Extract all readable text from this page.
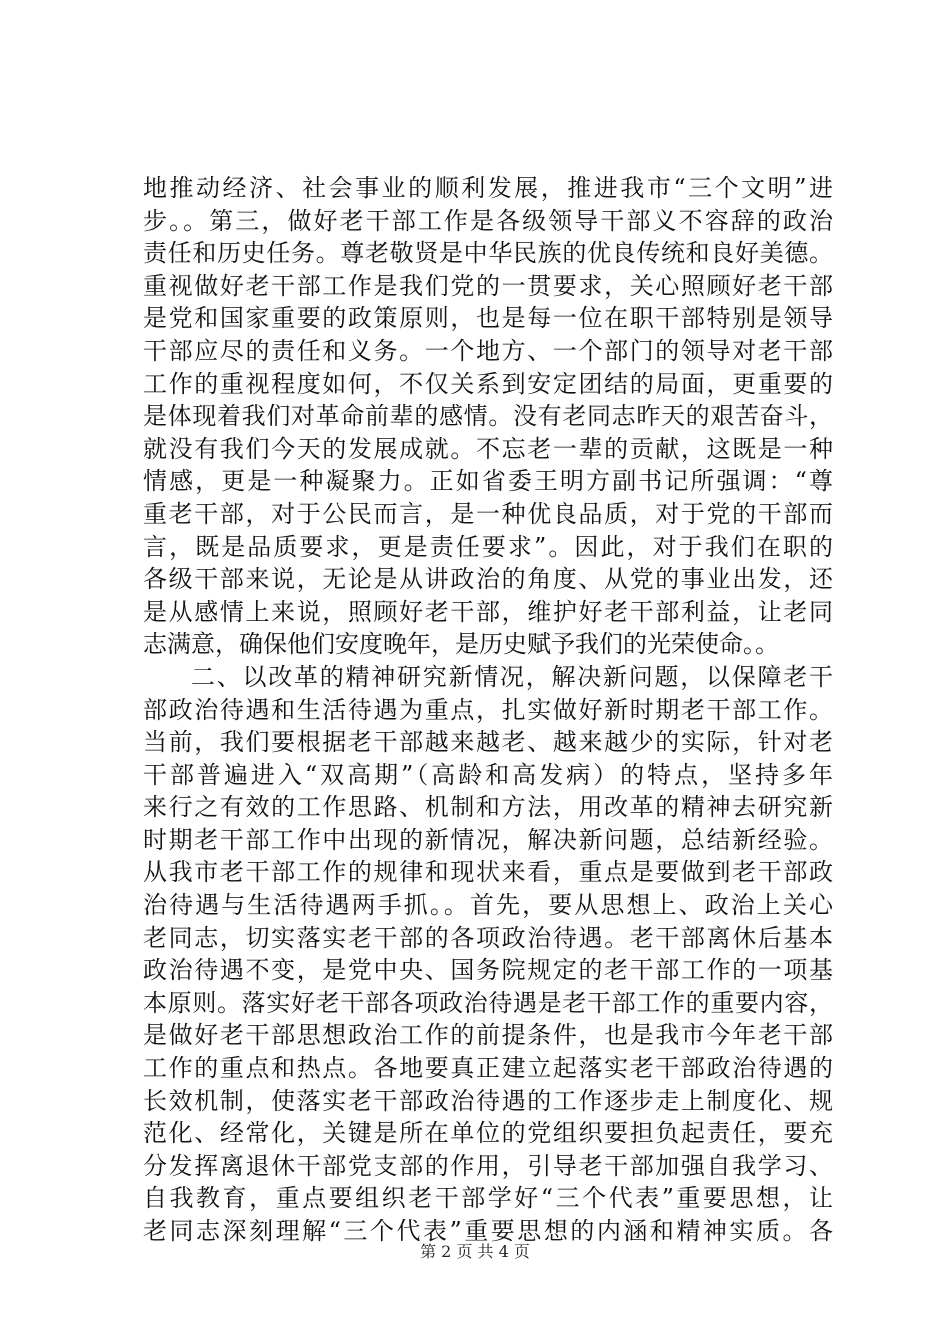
地推动经济、社会事业的顺利发展，推进我市“三个文明”进
步。。第三，做好老干部工作是各级领导干部义不容辞的政治
责任和历史任务。尊老敬贤是中华民族的优良传统和良好美德。
重视做好老干部工作是我们党的一贯要求，关心照顾好老干部
是党和国家重要的政策原则，也是每一位在职干部特别是领导
干部应尽的责任和义务。一个地方、一个部门的领导对老干部
工作的重视程度如何，不仅关系到安定团结的局面，更重要的
是体现着我们对革命前辈的感情。没有老同志昨天的艰苦奋斗，
就没有我们今天的发展成就。不忘老一辈的贡献，这既是一种
情感，更是一种凝聚力。正如省委王明方副书记所强调：“尊
重老干部，对于公民而言，是一种优良品质，对于党的干部而
言，既是品质要求，更是责任要求”。因此，对于我们在职的
各级干部来说，无论是从讲政治的角度、从党的事业出发，还
是从感情上来说，照顾好老干部，维护好老干部利益，让老同
志满意，确保他们安度晚年，是历史赋予我们的光荣使命。。
二、以改革的精神研究新情况，解决新问题，以保障老干
部政治待遇和生活待遇为重点，扎实做好新时期老干部工作。
当前，我们要根据老干部越来越老、越来越少的实际，针对老
干部普遍进入“双高期”（高龄和高发病）的特点，坚持多年
来行之有效的工作思路、机制和方法，用改革的精神去研究新
时期老干部工作中出现的新情况，解决新问题，总结新经验。
从我市老干部工作的规律和现状来看，重点是要做到老干部政
治待遇与生活待遇两手抓。。首先，要从思想上、政治上关心
老同志，切实落实老干部的各项政治待遇。老干部离休后基本
政治待遇不变，是党中央、国务院规定的老干部工作的一项基
本原则。落实好老干部各项政治待遇是老干部工作的重要内容，
是做好老干部思想政治工作的前提条件，也是我市今年老干部
工作的重点和热点。各地要真正建立起落实老干部政治待遇的
长效机制，使落实老干部政治待遇的工作逐步走上制度化、规
范化、经常化，关键是所在单位的党组织要担负起责任，要充
分发挥离退休干部党支部的作用，引导老干部加强自我学习、
自我教育，重点要组织老干部学好“三个代表”重要思想，让
老同志深刻理解“三个代表”重要思想的内涵和精神实质。各
第 2 页 共 4 页
